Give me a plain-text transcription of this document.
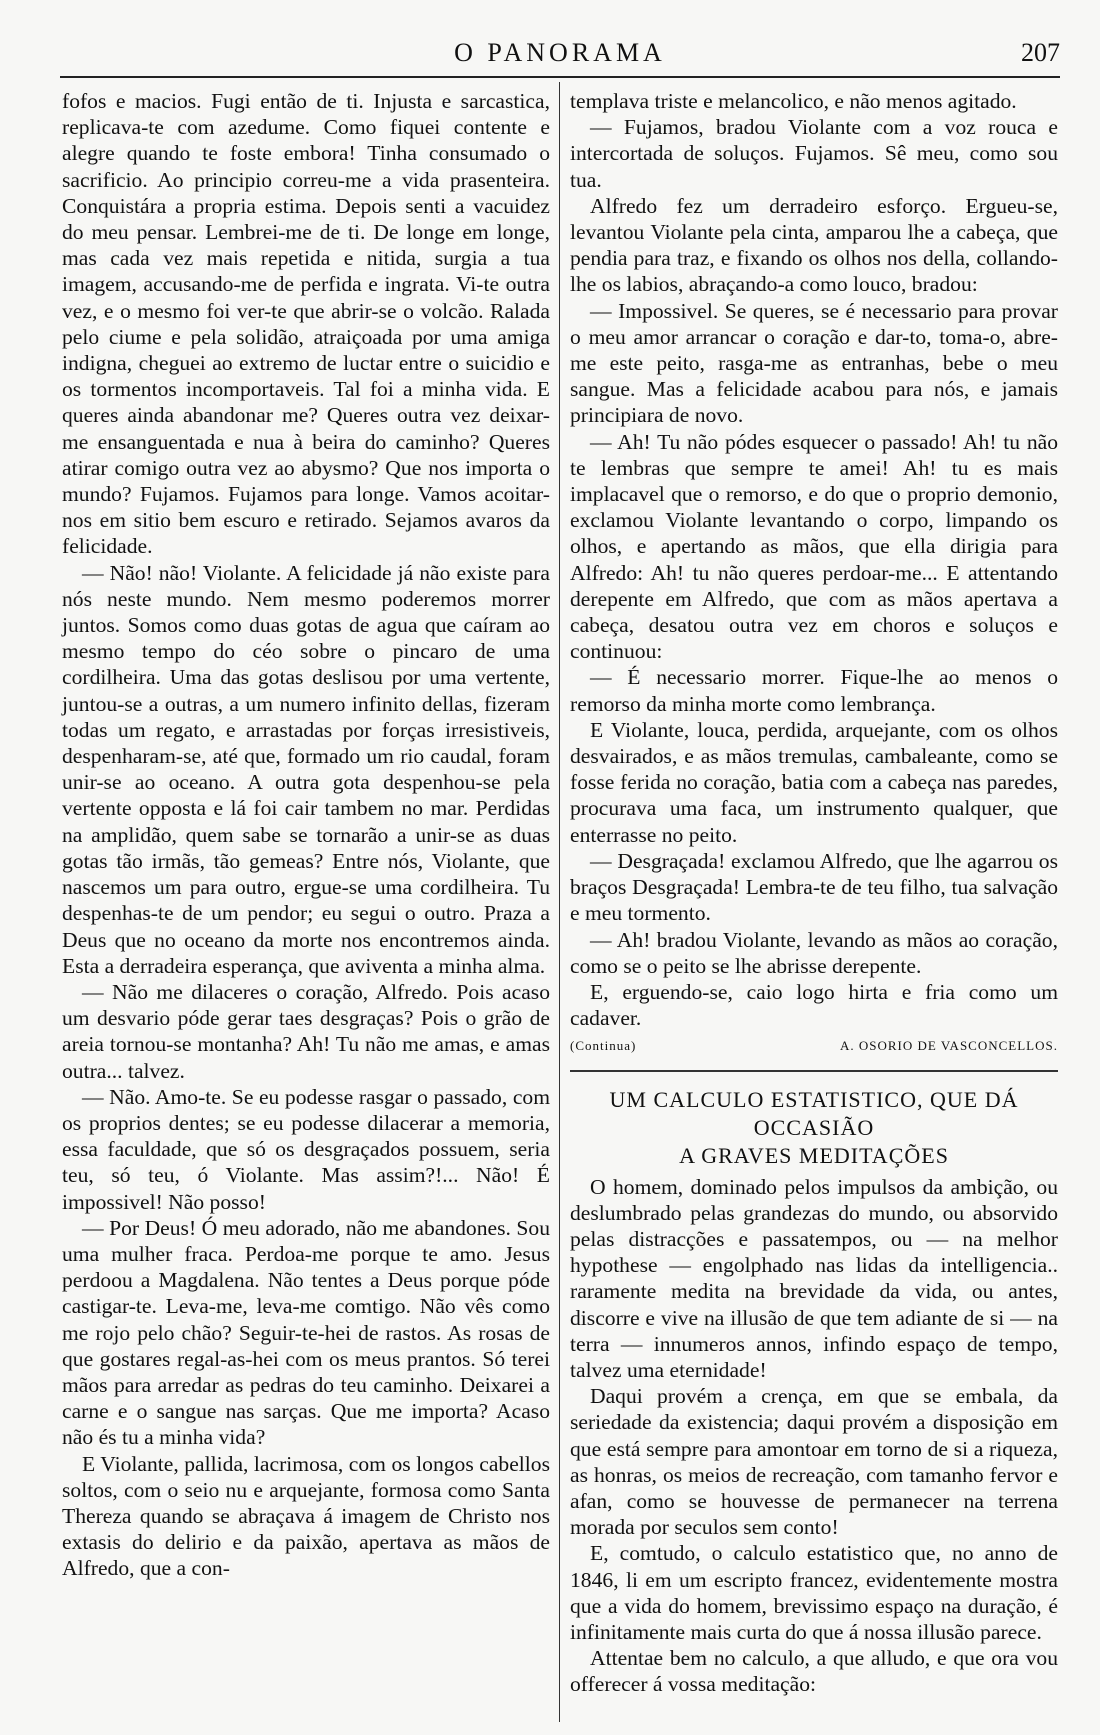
O PANORAMA	207

fofos e macios. Fugi então de ti. Injusta e sarcastica, replicava-te com azedume. Como fiquei contente e alegre quando te foste embora! Tinha consumado o sacrificio. Ao principio correu-me a vida prasenteira. Conquistára a propria estima. Depois senti a vacuidez do meu pensar. Lembrei-me de ti. De longe em longe, mas cada vez mais repetida e nitida, surgia a tua imagem, accusando-me de perfida e ingrata. Vi-te outra vez, e o mesmo foi ver-te que abrir-se o volcão. Ralada pelo ciume e pela solidão, atraiçoada por uma amiga indigna, cheguei ao extremo de luctar entre o suicidio e os tormentos incomportaveis. Tal foi a minha vida. E queres ainda abandonar me? Queres outra vez deixar-me ensanguentada e nua à beira do caminho? Queres atirar comigo outra vez ao abysmo? Que nos importa o mundo? Fujamos. Fujamos para longe. Vamos acoitar-nos em sitio bem escuro e retirado. Sejamos avaros da felicidade.

— Não! não! Violante. A felicidade já não existe para nós neste mundo. Nem mesmo poderemos morrer juntos. Somos como duas gotas de agua que caíram ao mesmo tempo do céo sobre o pincaro de uma cordilheira. Uma das gotas deslisou por uma vertente, juntou-se a outras, a um numero infinito dellas, fizeram todas um regato, e arrastadas por forças irresistiveis, despenharam-se, até que, formado um rio caudal, foram unir-se ao oceano. A outra gota despenhou-se pela vertente opposta e lá foi cair tambem no mar. Perdidas na amplidão, quem sabe se tornarão a unir-se as duas gotas tão irmãs, tão gemeas? Entre nós, Violante, que nascemos um para outro, ergue-se uma cordilheira. Tu despenhas-te de um pendor; eu segui o outro. Praza a Deus que no oceano da morte nos encontremos ainda. Esta a derradeira esperança, que aviventa a minha alma.

— Não me dilaceres o coração, Alfredo. Pois acaso um desvario póde gerar taes desgraças? Pois o grão de areia tornou-se montanha? Ah! Tu não me amas, e amas outra... talvez.

— Não. Amo-te. Se eu podesse rasgar o passado, com os proprios dentes; se eu podesse dilacerar a memoria, essa faculdade, que só os desgraçados possuem, seria teu, só teu, ó Violante. Mas assim?!... Não! É impossivel! Não posso!

— Por Deus! Ó meu adorado, não me abandones. Sou uma mulher fraca. Perdoa-me porque te amo. Jesus perdoou a Magdalena. Não tentes a Deus porque póde castigar-te. Leva-me, leva-me comtigo. Não vês como me rojo pelo chão? Seguir-te-hei de rastos. As rosas de que gostares regal-as-hei com os meus prantos. Só terei mãos para arredar as pedras do teu caminho. Deixarei a carne e o sangue nas sarças. Que me importa? Acaso não és tu a minha vida?

E Violante, pallida, lacrimosa, com os longos cabellos soltos, com o seio nu e arquejante, formosa como Santa Thereza quando se abraçava á imagem de Christo nos extasis do delirio e da paixão, apertava as mãos de Alfredo, que a con-

templava triste e melancolico, e não menos agitado.

— Fujamos, bradou Violante com a voz rouca e intercortada de soluços. Fujamos. Sê meu, como sou tua.

Alfredo fez um derradeiro esforço. Ergueu-se, levantou Violante pela cinta, amparou lhe a cabeça, que pendia para traz, e fixando os olhos nos della, collando-lhe os labios, abraçando-a como louco, bradou:

— Impossivel. Se queres, se é necessario para provar o meu amor arrancar o coração e dar-to, toma-o, abre-me este peito, rasga-me as entranhas, bebe o meu sangue. Mas a felicidade acabou para nós, e jamais principiara de novo.

— Ah! Tu não pódes esquecer o passado! Ah! tu não te lembras que sempre te amei! Ah! tu es mais implacavel que o remorso, e do que o proprio demonio, exclamou Violante levantando o corpo, limpando os olhos, e apertando as mãos, que ella dirigia para Alfredo: Ah! tu não queres perdoar-me... E attentando derepente em Alfredo, que com as mãos apertava a cabeça, desatou outra vez em choros e soluços e continuou:

— É necessario morrer. Fique-lhe ao menos o remorso da minha morte como lembrança.

E Violante, louca, perdida, arquejante, com os olhos desvairados, e as mãos tremulas, cambaleante, como se fosse ferida no coração, batia com a cabeça nas paredes, procurava uma faca, um instrumento qualquer, que enterrasse no peito.

— Desgraçada! exclamou Alfredo, que lhe agarrou os braços Desgraçada! Lembra-te de teu filho, tua salvação e meu tormento.

— Ah! bradou Violante, levando as mãos ao coração, como se o peito se lhe abrisse derepente.

E, erguendo-se, caio logo hirta e fria como um cadaver.

(Continua)	A. OSORIO DE VASCONCELLOS.
UM CALCULO ESTATISTICO, QUE DÁ OCCASIÃO
A GRAVES MEDITAÇÕES

O homem, dominado pelos impulsos da ambição, ou deslumbrado pelas grandezas do mundo, ou absorvido pelas distracções e passatempos, ou — na melhor hypothese — engolphado nas lidas da intelligencia.. raramente medita na brevidade da vida, ou antes, discorre e vive na illusão de que tem adiante de si — na terra — innumeros annos, infindo espaço de tempo, talvez uma eternidade!

Daqui provém a crença, em que se embala, da seriedade da existencia; daqui provém a disposição em que está sempre para amontoar em torno de si a riqueza, as honras, os meios de recreação, com tamanho fervor e afan, como se houvesse de permanecer na terrena morada por seculos sem conto!

E, comtudo, o calculo estatistico que, no anno de 1846, li em um escripto francez, evidentemente mostra que a vida do homem, brevissimo espaço na duração, é infinitamente mais curta do que á nossa illusão parece.

Attentae bem no calculo, a que alludo, e que ora vou offerecer á vossa meditação:
